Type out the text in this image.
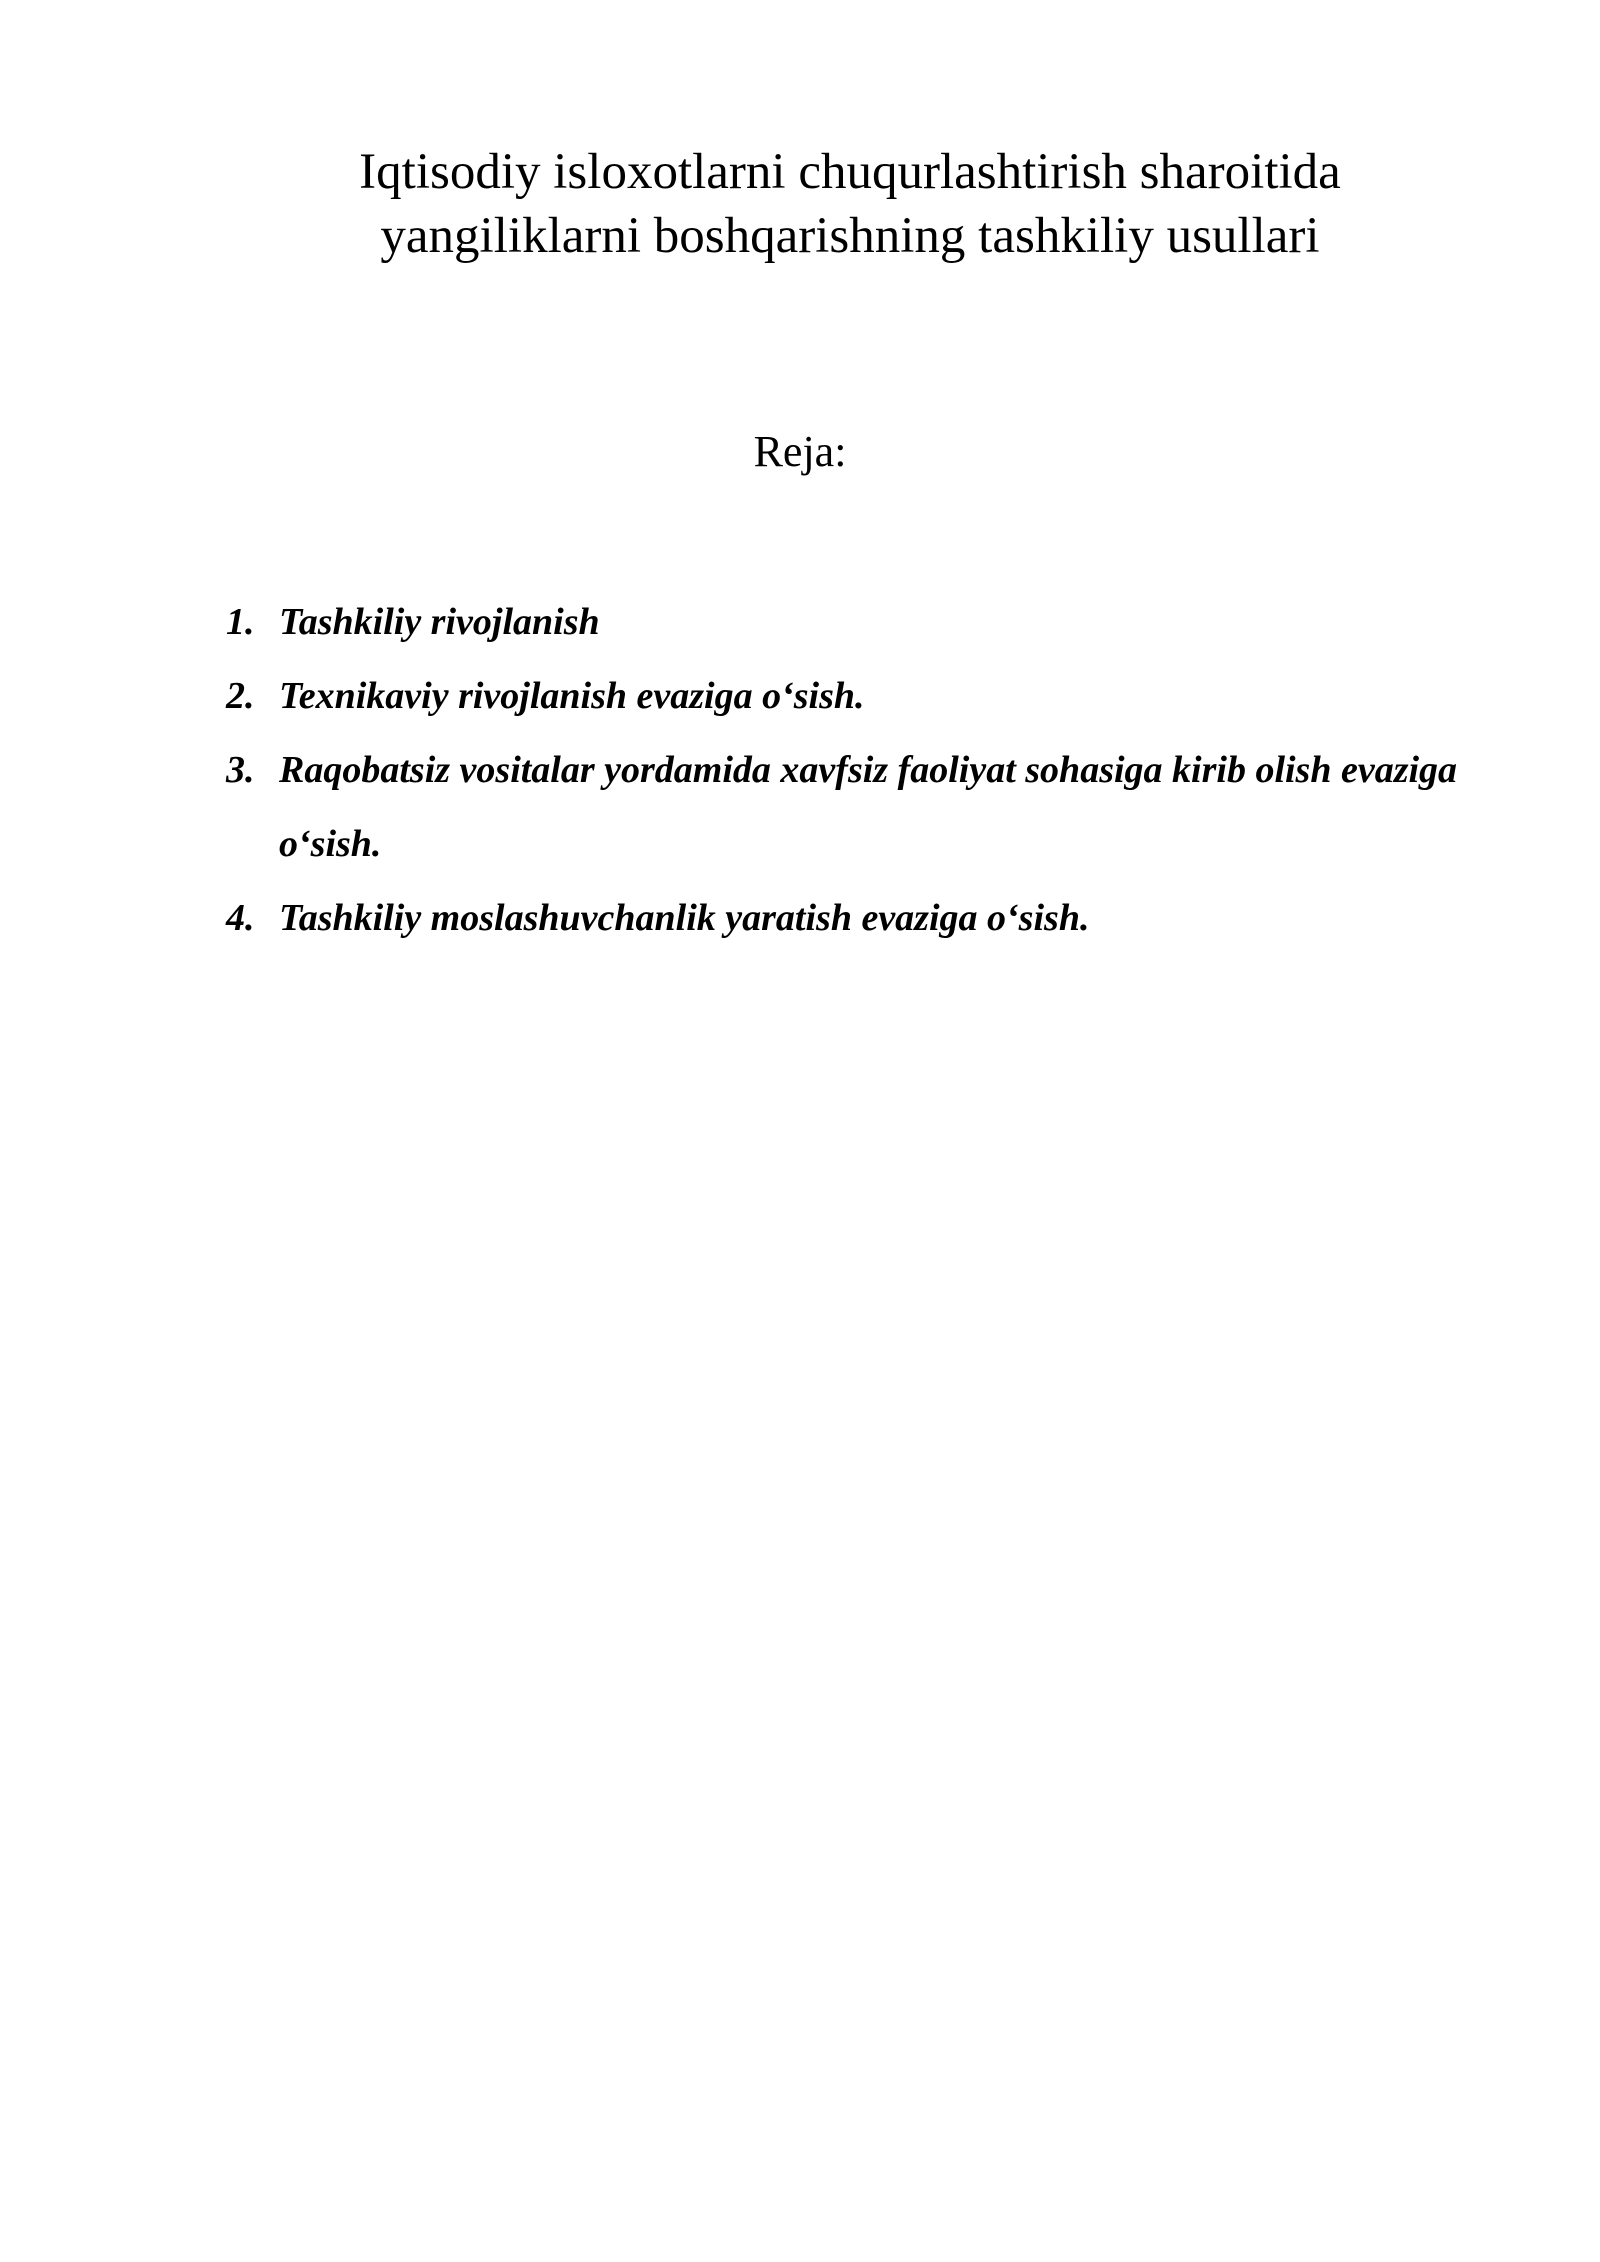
Iqtisodiy isloxotlarni chuqurlashtirish sharoitida
yangiliklarni boshqarishning tashkiliy usullari

Reja:

1. Tashkiliy rivojlanish
2. Texnikaviy rivojlanish evaziga o‘sish.
3. Raqobatsiz vositalar yordamida xavfsiz faoliyat sohasiga kirib olish evaziga o‘sish.
4. Tashkiliy moslashuvchanlik yaratish evaziga o‘sish.
